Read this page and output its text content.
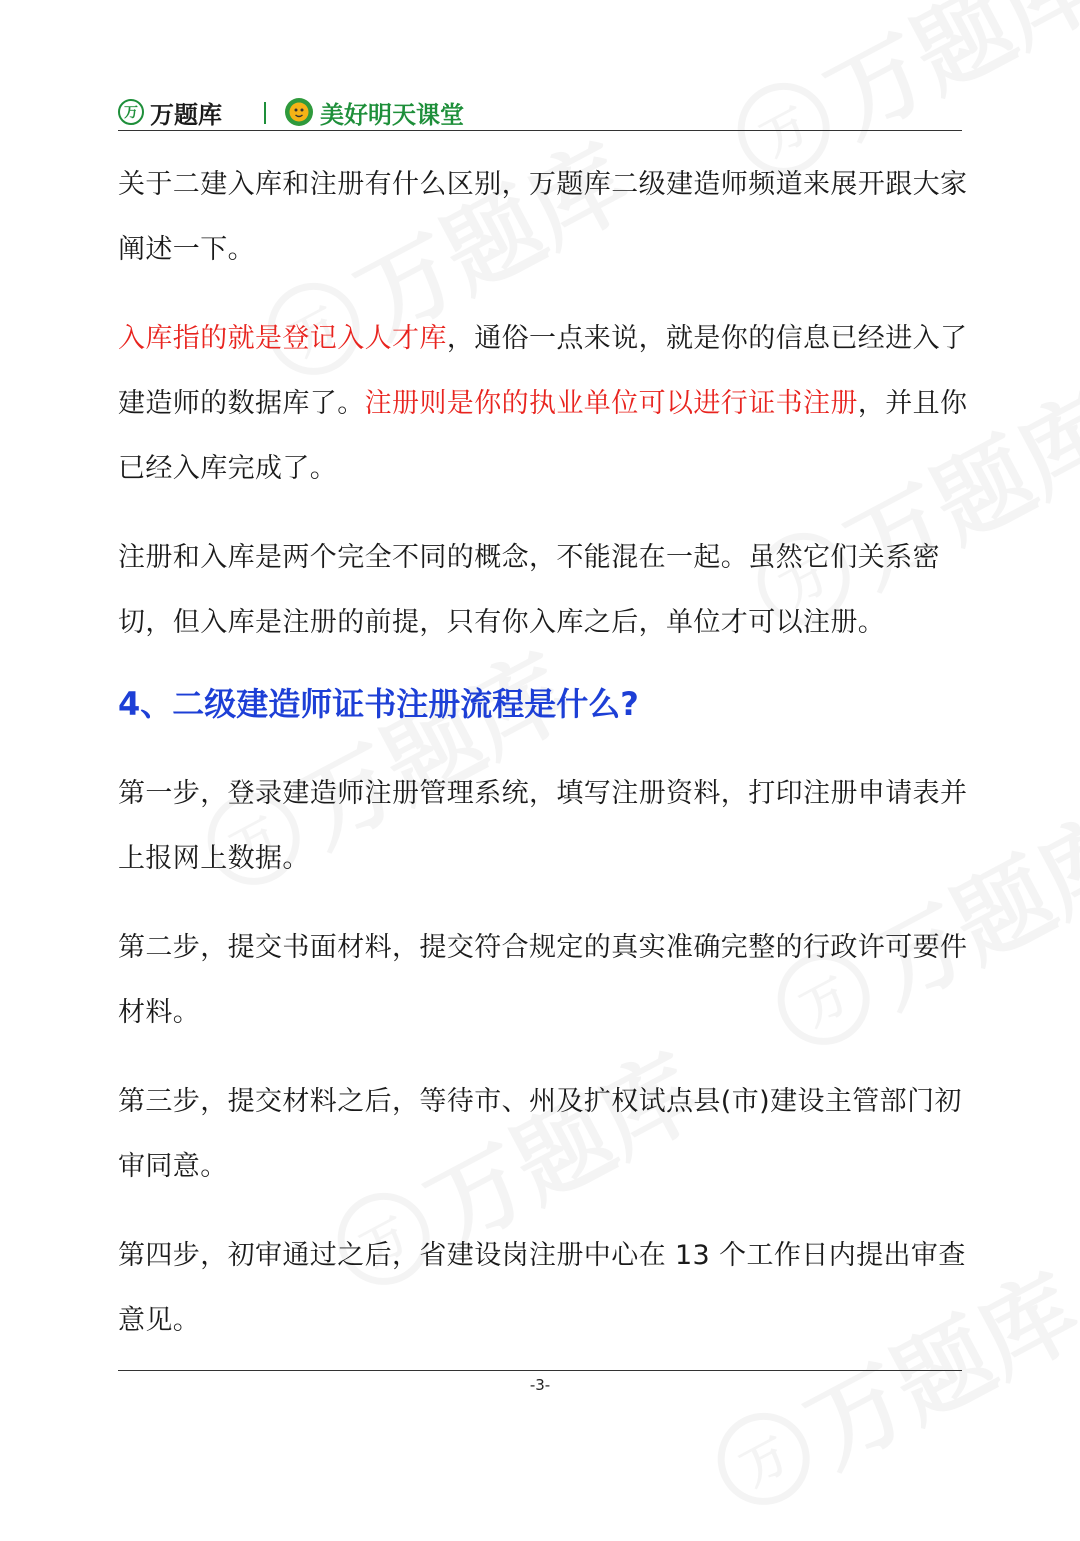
万 万题库	美好明天课堂

关于二建入库和注册有什么区别，万题库二级建造师频道来展开跟大家阐述一下。

入库指的就是登记入人才库，通俗一点来说，就是你的信息已经进入了建造师的数据库了。注册则是你的执业单位可以进行证书注册，并且你已经入库完成了。

注册和入库是两个完全不同的概念，不能混在一起。虽然它们关系密切，但入库是注册的前提，只有你入库之后，单位才可以注册。

4、二级建造师证书注册流程是什么?

第一步，登录建造师注册管理系统，填写注册资料，打印注册申请表并上报网上数据。

第二步，提交书面材料，提交符合规定的真实准确完整的行政许可要件材料。

第三步，提交材料之后，等待市、州及扩权试点县(市)建设主管部门初审同意。

第四步，初审通过之后，省建设岗注册中心在 13 个工作日内提出审查意见。

-3-
